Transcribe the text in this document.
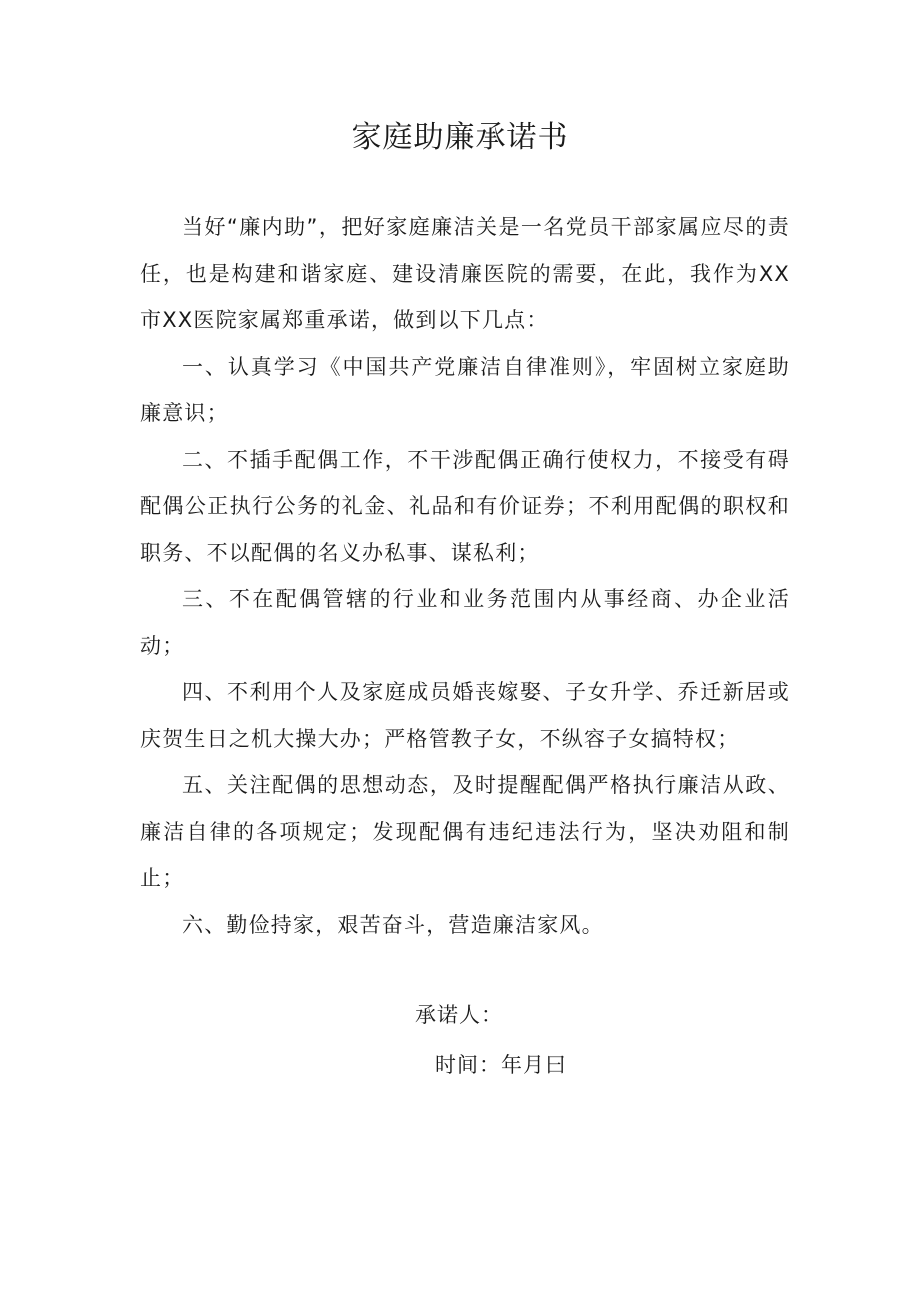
家庭助廉承诺书

当好“廉内助”，把好家庭廉洁关是一名党员干部家属应尽的责任，也是构建和谐家庭、建设清廉医院的需要，在此，我作为XX市XX医院家属郑重承诺，做到以下几点：

一、认真学习《中国共产党廉洁自律准则》，牢固树立家庭助廉意识；

二、不插手配偶工作，不干涉配偶正确行使权力，不接受有碍配偶公正执行公务的礼金、礼品和有价证券；不利用配偶的职权和职务、不以配偶的名义办私事、谋私利；

三、不在配偶管辖的行业和业务范围内从事经商、办企业活动；

四、不利用个人及家庭成员婚丧嫁娶、子女升学、乔迁新居或庆贺生日之机大操大办；严格管教子女，不纵容子女搞特权；

五、关注配偶的思想动态，及时提醒配偶严格执行廉洁从政、廉洁自律的各项规定；发现配偶有违纪违法行为，坚决劝阻和制止；

六、勤俭持家，艰苦奋斗，营造廉洁家风。

承诺人：
时间：年月曰
